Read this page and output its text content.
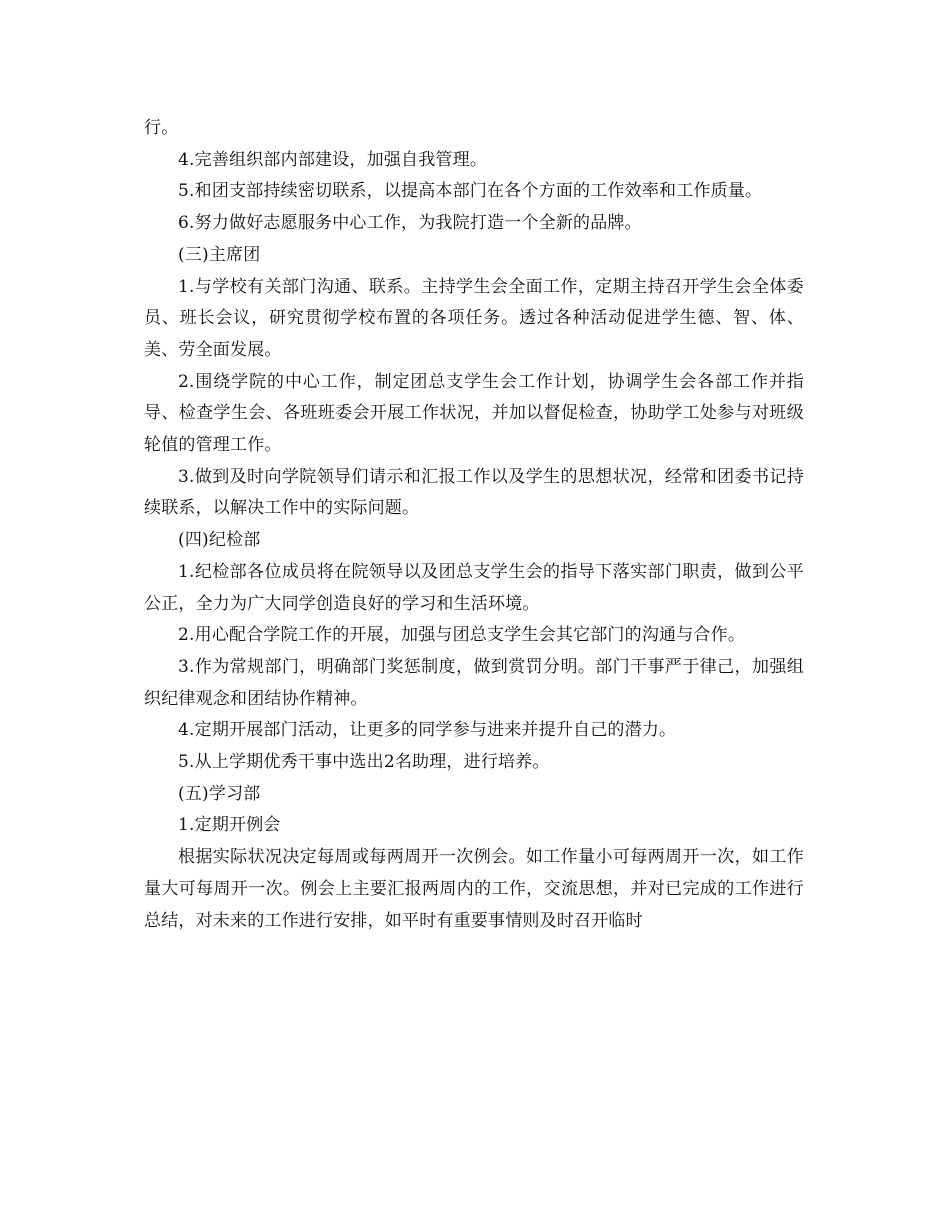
行。

4.完善组织部内部建设，加强自我管理。

5.和团支部持续密切联系，以提高本部门在各个方面的工作效率和工作质量。

6.努力做好志愿服务中心工作，为我院打造一个全新的品牌。

(三)主席团

1.与学校有关部门沟通、联系。主持学生会全面工作，定期主持召开学生会全体委员、班长会议，研究贯彻学校布置的各项任务。透过各种活动促进学生德、智、体、美、劳全面发展。

2.围绕学院的中心工作，制定团总支学生会工作计划，协调学生会各部工作并指导、检查学生会、各班班委会开展工作状况，并加以督促检查，协助学工处参与对班级轮值的管理工作。

3.做到及时向学院领导们请示和汇报工作以及学生的思想状况，经常和团委书记持续联系，以解决工作中的实际问题。

(四)纪检部

1.纪检部各位成员将在院领导以及团总支学生会的指导下落实部门职责，做到公平公正，全力为广大同学创造良好的学习和生活环境。

2.用心配合学院工作的开展，加强与团总支学生会其它部门的沟通与合作。

3.作为常规部门，明确部门奖惩制度，做到赏罚分明。部门干事严于律己，加强组织纪律观念和团结协作精神。

4.定期开展部门活动，让更多的同学参与进来并提升自己的潜力。

5.从上学期优秀干事中选出2名助理，进行培养。

(五)学习部

1.定期开例会

根据实际状况决定每周或每两周开一次例会。如工作量小可每两周开一次，如工作量大可每周开一次。例会上主要汇报两周内的工作，交流思想，并对已完成的工作进行总结，对未来的工作进行安排，如平时有重要事情则及时召开临时
